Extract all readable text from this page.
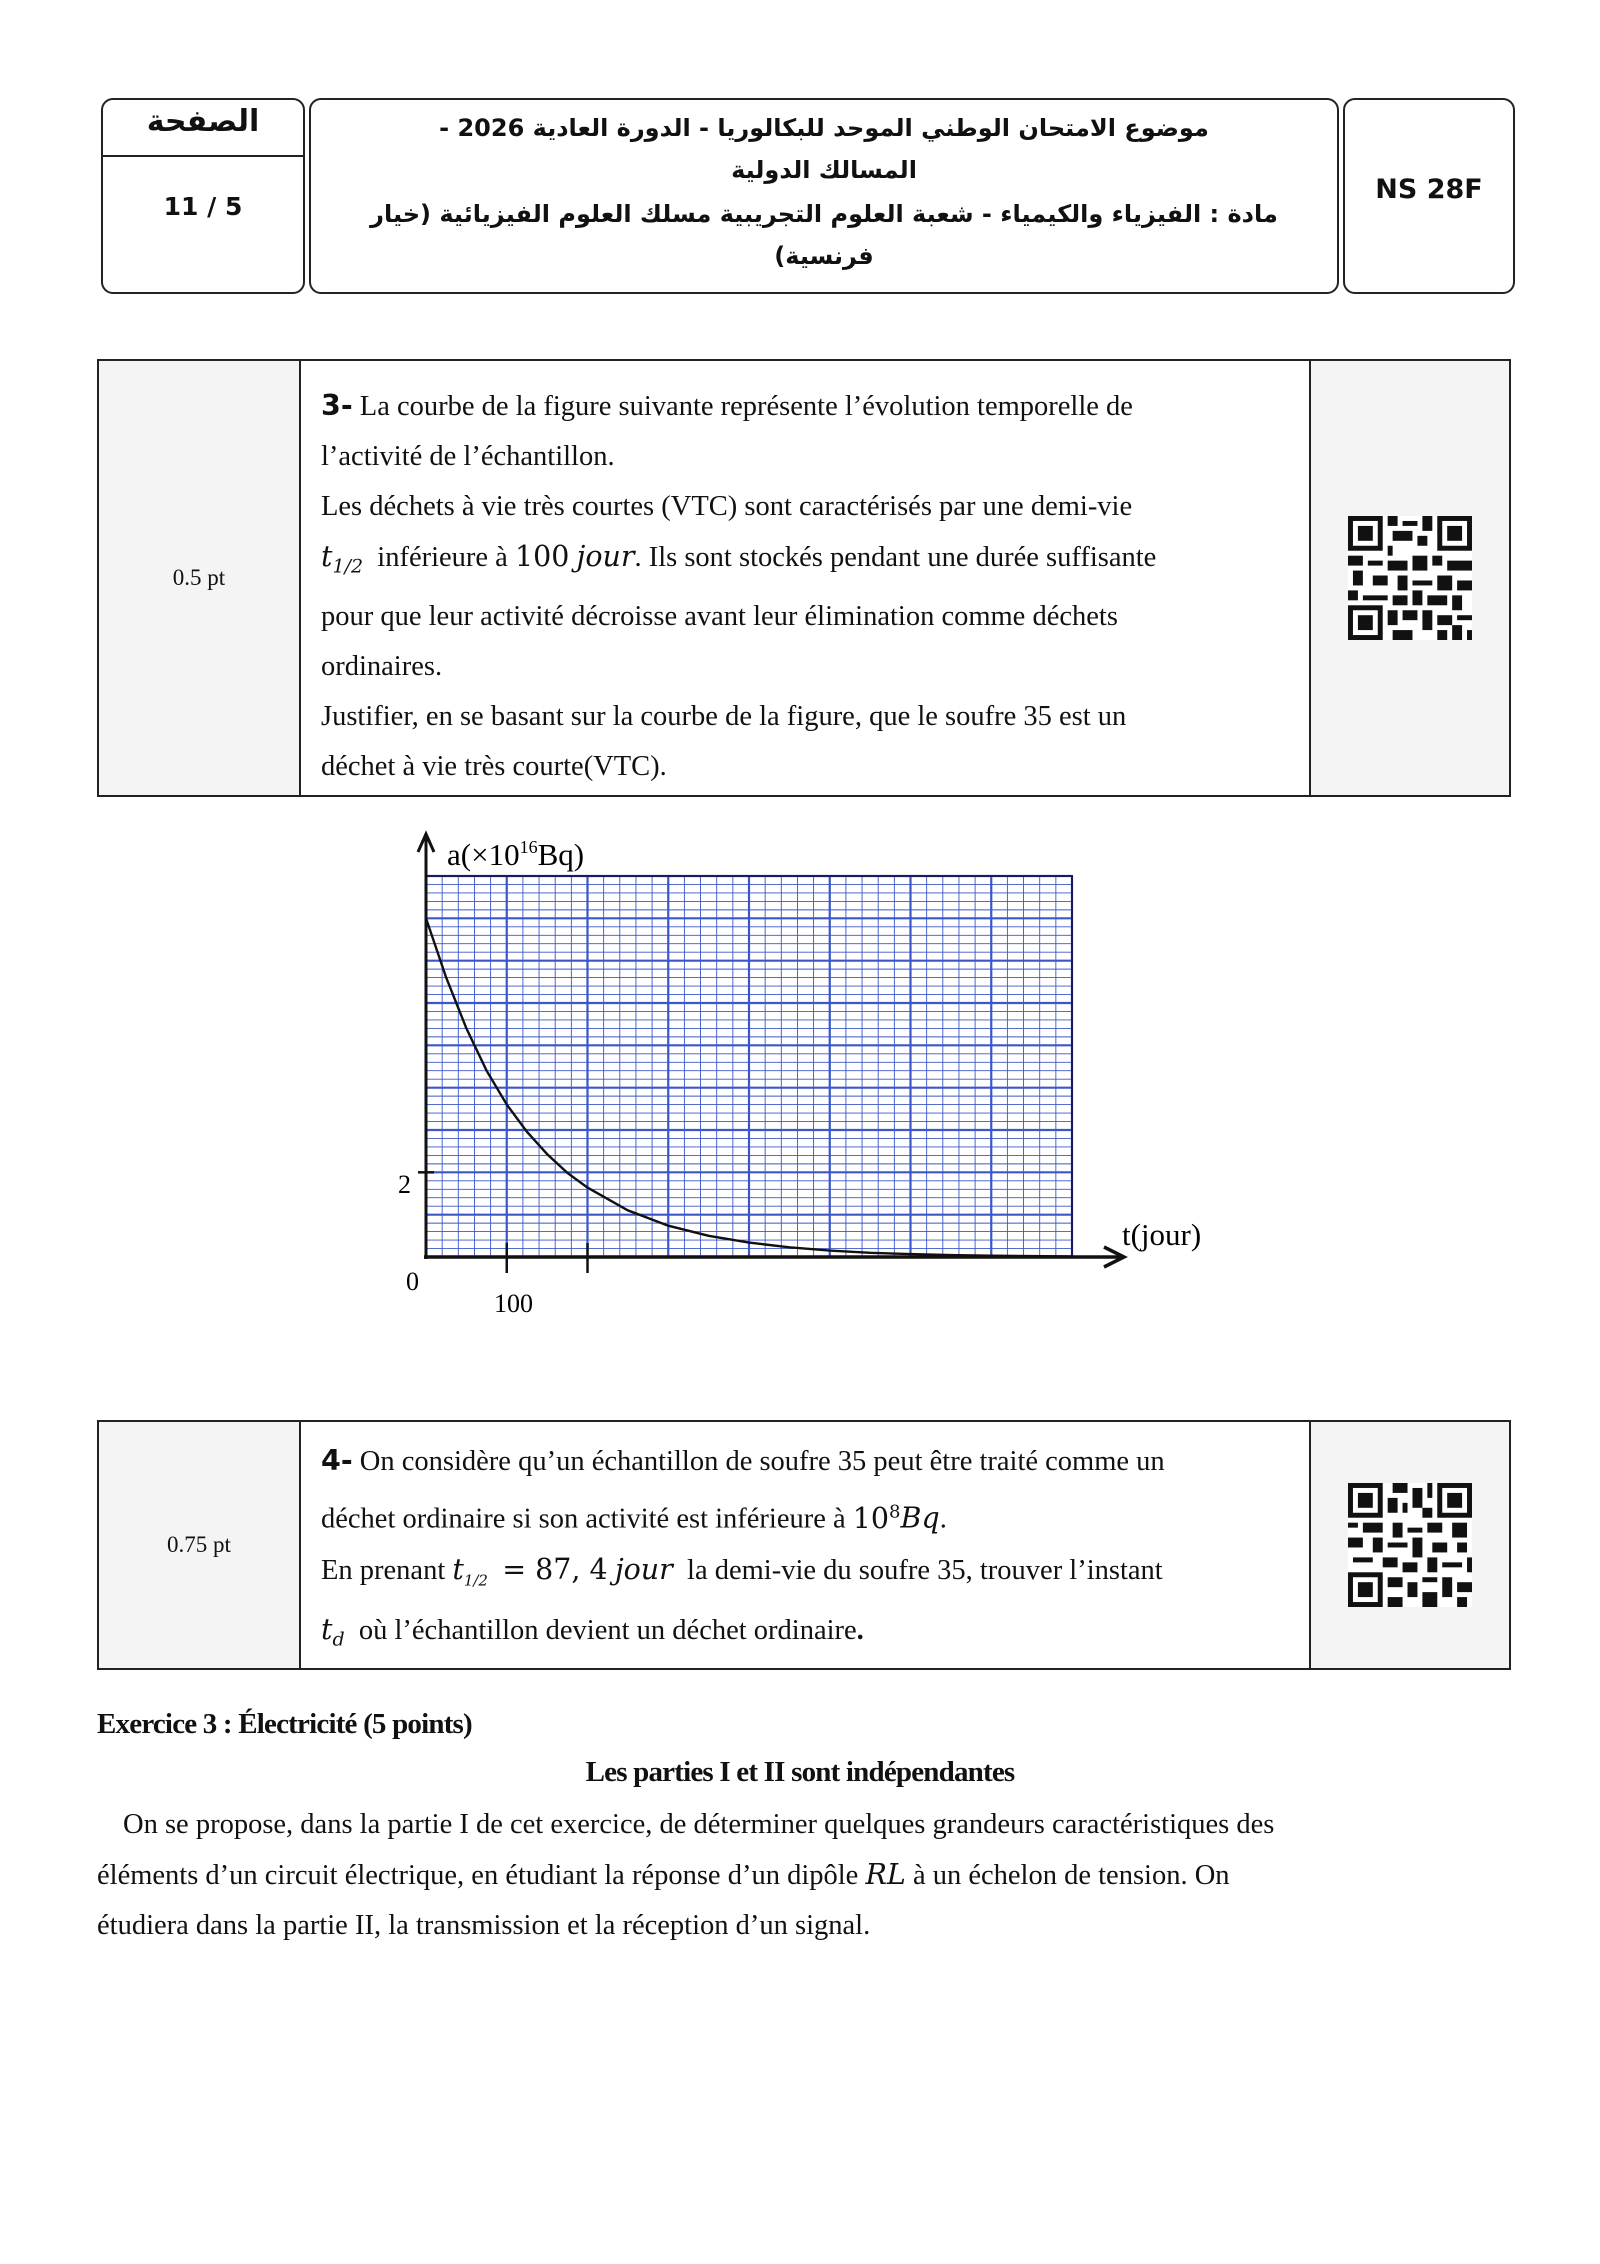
الصفحة
11 / 5
موضوع الامتحان الوطني الموحد للبكالوريا - الدورة العادية 2026 -
المسالك الدولية
مادة : الفيزياء والكيمياء - شعبة العلوم التجريبية مسلك العلوم الفيزيائية (خيار
فرنسية)
NS 28F
0.5 pt
3- La courbe de la figure suivante représente l’évolution temporelle de
l’activité de l’échantillon.
Les déchets à vie très courtes (VTC) sont caractérisés par une demi-vie
$t_{1/2}$ inférieure à 100 jour. Ils sont stockés pendant une durée suffisante
pour que leur activité décroisse avant leur élimination comme déchets
ordinaires.
Justifier, en se basant sur la courbe de la figure, que le soufre 35 est un
déchet à vie très courte(VTC).
$a(\times 10^{16}Bq)$
t(jour)
0
2
100
0.75 pt
4- On considère qu’un échantillon de soufre 35 peut être traité comme un
déchet ordinaire si son activité est inférieure à $10^8Bq$.
En prenant $t_{1/2} = 87$, 4 jour la demi-vie du soufre 35, trouver l’instant
$t_d$ où l’échantillon devient un déchet ordinaire.
Exercice 3 : Électricité (5 points)
Les parties I et II sont indépendantes
On se propose, dans la partie I de cet exercice, de déterminer quelques grandeurs caractéristiques des
éléments d’un circuit électrique, en étudiant la réponse d’un dipôle RL à un échelon de tension. On
étudiera dans la partie II, la transmission et la réception d’un signal.
